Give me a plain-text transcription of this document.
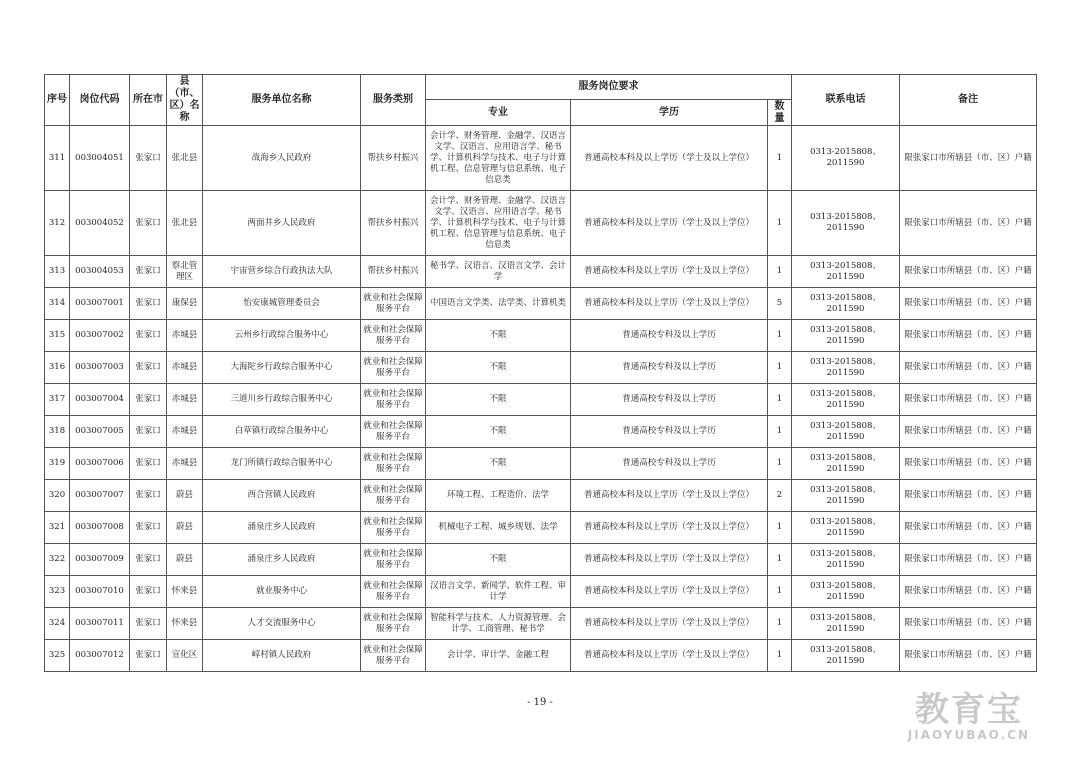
序号	岗位代码	所在市	县（市、区）名称	服务单位名称	服务类别	服务岗位要求			联系电话	备注
						专业	学历	数量		
311	003004051	张家口	张北县	战海乡人民政府	帮扶乡村振兴	会计学、财务管理、金融学、汉语言文学、汉语言、应用语言学、秘书学、计算机科学与技术、电子与计算机工程、信息管理与信息系统、电子信息类	普通高校本科及以上学历（学士及以上学位）	1	0313-2015808、2011590	限张家口市所辖县（市、区）户籍
312	003004052	张家口	张北县	两面井乡人民政府	帮扶乡村振兴	会计学、财务管理、金融学、汉语言文学、汉语言、应用语言学、秘书学、计算机科学与技术、电子与计算机工程、信息管理与信息系统、电子信息类	普通高校本科及以上学历（学士及以上学位）	1	0313-2015808、2011590	限张家口市所辖县（市、区）户籍
313	003004053	张家口	察北管理区	宇宙营乡综合行政执法大队	帮扶乡村振兴	秘书学、汉语言、汉语言文学、会计学	普通高校本科及以上学历（学士及以上学位）	1	0313-2015808、2011590	限张家口市所辖县（市、区）户籍
314	003007001	张家口	康保县	怡安康城管理委员会	就业和社会保障服务平台	中国语言文学类、法学类、计算机类	普通高校本科及以上学历（学士及以上学位）	5	0313-2015808、2011590	限张家口市所辖县（市、区）户籍
315	003007002	张家口	赤城县	云州乡行政综合服务中心	就业和社会保障服务平台	不限	普通高校专科及以上学历	1	0313-2015808、2011590	限张家口市所辖县（市、区）户籍
316	003007003	张家口	赤城县	大海陀乡行政综合服务中心	就业和社会保障服务平台	不限	普通高校专科及以上学历	1	0313-2015808、2011590	限张家口市所辖县（市、区）户籍
317	003007004	张家口	赤城县	三道川乡行政综合服务中心	就业和社会保障服务平台	不限	普通高校专科及以上学历	1	0313-2015808、2011590	限张家口市所辖县（市、区）户籍
318	003007005	张家口	赤城县	白草镇行政综合服务中心	就业和社会保障服务平台	不限	普通高校专科及以上学历	1	0313-2015808、2011590	限张家口市所辖县（市、区）户籍
319	003007006	张家口	赤城县	龙门所镇行政综合服务中心	就业和社会保障服务平台	不限	普通高校专科及以上学历	1	0313-2015808、2011590	限张家口市所辖县（市、区）户籍
320	003007007	张家口	蔚县	西合营镇人民政府	就业和社会保障服务平台	环境工程、工程造价、法学	普通高校本科及以上学历（学士及以上学位）	2	0313-2015808、2011590	限张家口市所辖县（市、区）户籍
321	003007008	张家口	蔚县	涌泉庄乡人民政府	就业和社会保障服务平台	机械电子工程、城乡规划、法学	普通高校本科及以上学历（学士及以上学位）	1	0313-2015808、2011590	限张家口市所辖县（市、区）户籍
322	003007009	张家口	蔚县	涌泉庄乡人民政府	就业和社会保障服务平台	不限	普通高校本科及以上学历（学士及以上学位）	1	0313-2015808、2011590	限张家口市所辖县（市、区）户籍
323	003007010	张家口	怀来县	就业服务中心	就业和社会保障服务平台	汉语言文学、新闻学、软件工程、审计学	普通高校本科及以上学历（学士及以上学位）	1	0313-2015808、2011590	限张家口市所辖县（市、区）户籍
324	003007011	张家口	怀来县	人才交流服务中心	就业和社会保障服务平台	智能科学与技术、人力资源管理、会计学、工商管理、秘书学	普通高校本科及以上学历（学士及以上学位）	1	0313-2015808、2011590	限张家口市所辖县（市、区）户籍
325	003007012	张家口	宣化区	崞村镇人民政府	就业和社会保障服务平台	会计学、审计学、金融工程	普通高校本科及以上学历（学士及以上学位）	1	0313-2015808、2011590	限张家口市所辖县（市、区）户籍
- 19 -	教育宝
JIAOYUBAO.CN
